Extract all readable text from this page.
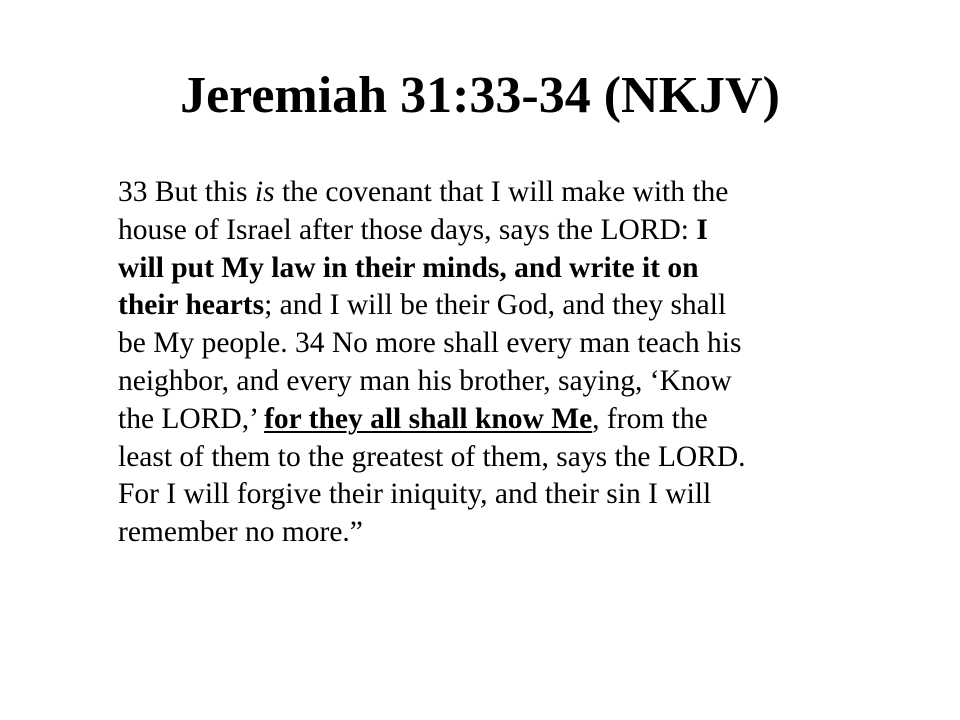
Jeremiah 31:33-34 (NKJV)
33 But this is the covenant that I will make with the
house of Israel after those days, says the LORD: I
will put My law in their minds, and write it on
their hearts; and I will be their God, and they shall
be My people. 34 No more shall every man teach his
neighbor, and every man his brother, saying, ‘Know
the LORD,’ for they all shall know Me, from the
least of them to the greatest of them, says the LORD.
For I will forgive their iniquity, and their sin I will
remember no more.”
